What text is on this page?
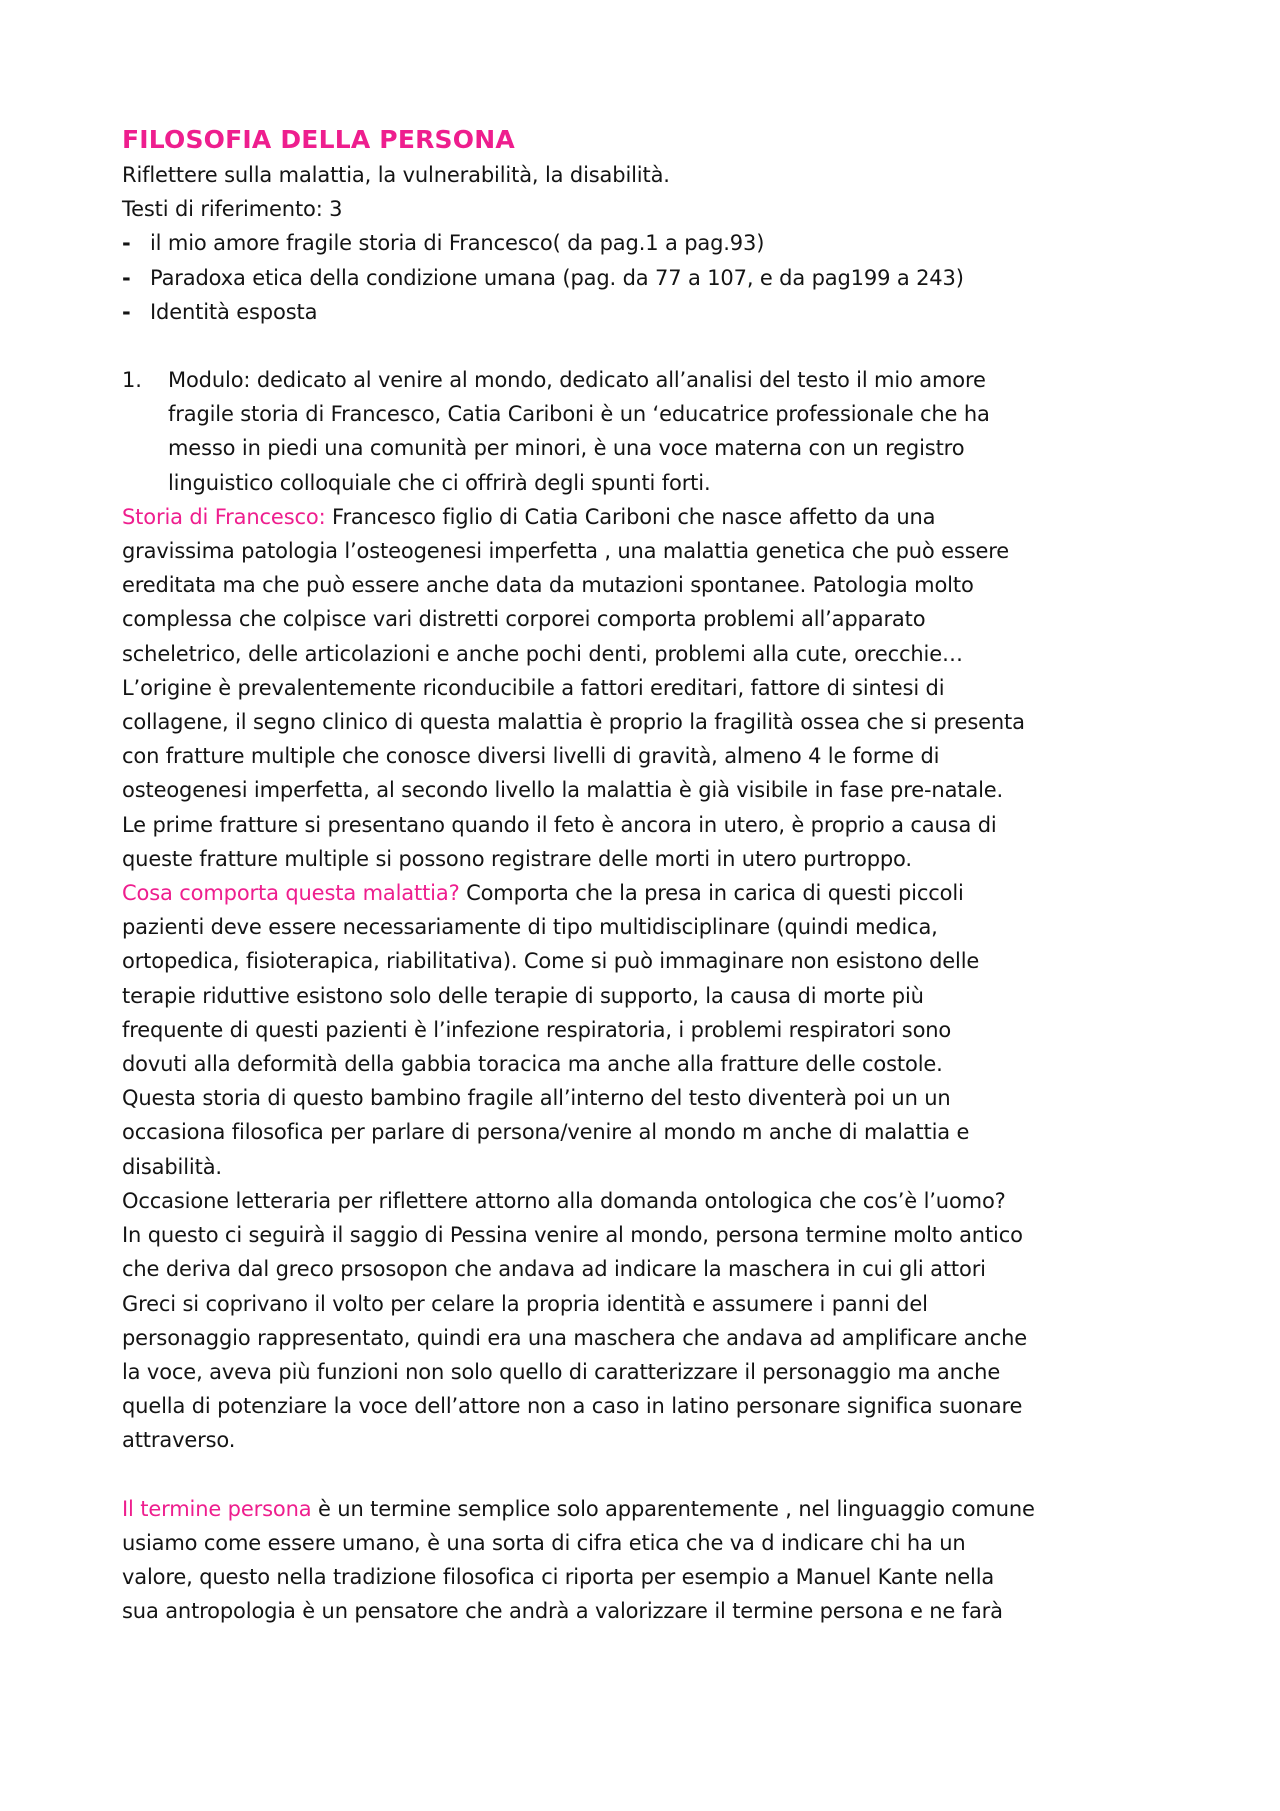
FILOSOFIA DELLA PERSONA
Riflettere sulla malattia, la vulnerabilità, la disabilità.
Testi di riferimento: 3
- il mio amore fragile storia di Francesco( da pag.1 a pag.93)
- Paradoxa etica della condizione umana (pag. da 77 a 107, e da pag199 a 243)
- Identità esposta
1. Modulo: dedicato al venire al mondo, dedicato all’analisi del testo il mio amore
fragile storia di Francesco, Catia Cariboni è un ‘educatrice professionale che ha
messo in piedi una comunità per minori, è una voce materna con un registro
linguistico colloquiale che ci offrirà degli spunti forti.
Storia di Francesco: Francesco figlio di Catia Cariboni che nasce affetto da una
gravissima patologia l’osteogenesi imperfetta , una malattia genetica che può essere
ereditata ma che può essere anche data da mutazioni spontanee. Patologia molto
complessa che colpisce vari distretti corporei comporta problemi all’apparato
scheletrico, delle articolazioni e anche pochi denti, problemi alla cute, orecchie…
L’origine è prevalentemente riconducibile a fattori ereditari, fattore di sintesi di
collagene, il segno clinico di questa malattia è proprio la fragilità ossea che si presenta
con fratture multiple che conosce diversi livelli di gravità, almeno 4 le forme di
osteogenesi imperfetta, al secondo livello la malattia è già visibile in fase pre-natale.
Le prime fratture si presentano quando il feto è ancora in utero, è proprio a causa di
queste fratture multiple si possono registrare delle morti in utero purtroppo.
Cosa comporta questa malattia? Comporta che la presa in carica di questi piccoli
pazienti deve essere necessariamente di tipo multidisciplinare (quindi medica,
ortopedica, fisioterapica, riabilitativa). Come si può immaginare non esistono delle
terapie riduttive esistono solo delle terapie di supporto, la causa di morte più
frequente di questi pazienti è l’infezione respiratoria, i problemi respiratori sono
dovuti alla deformità della gabbia toracica ma anche alla fratture delle costole.
Questa storia di questo bambino fragile all’interno del testo diventerà poi un un
occasiona filosofica per parlare di persona/venire al mondo m anche di malattia e
disabilità.
Occasione letteraria per riflettere attorno alla domanda ontologica che cos’è l’uomo?
In questo ci seguirà il saggio di Pessina venire al mondo, persona termine molto antico
che deriva dal greco prsosopon che andava ad indicare la maschera in cui gli attori
Greci si coprivano il volto per celare la propria identità e assumere i panni del
personaggio rappresentato, quindi era una maschera che andava ad amplificare anche
la voce, aveva più funzioni non solo quello di caratterizzare il personaggio ma anche
quella di potenziare la voce dell’attore non a caso in latino personare significa suonare
attraverso.
Il termine persona è un termine semplice solo apparentemente , nel linguaggio comune
usiamo come essere umano, è una sorta di cifra etica che va d indicare chi ha un
valore, questo nella tradizione filosofica ci riporta per esempio a Manuel Kante nella
sua antropologia è un pensatore che andrà a valorizzare il termine persona e ne farà
